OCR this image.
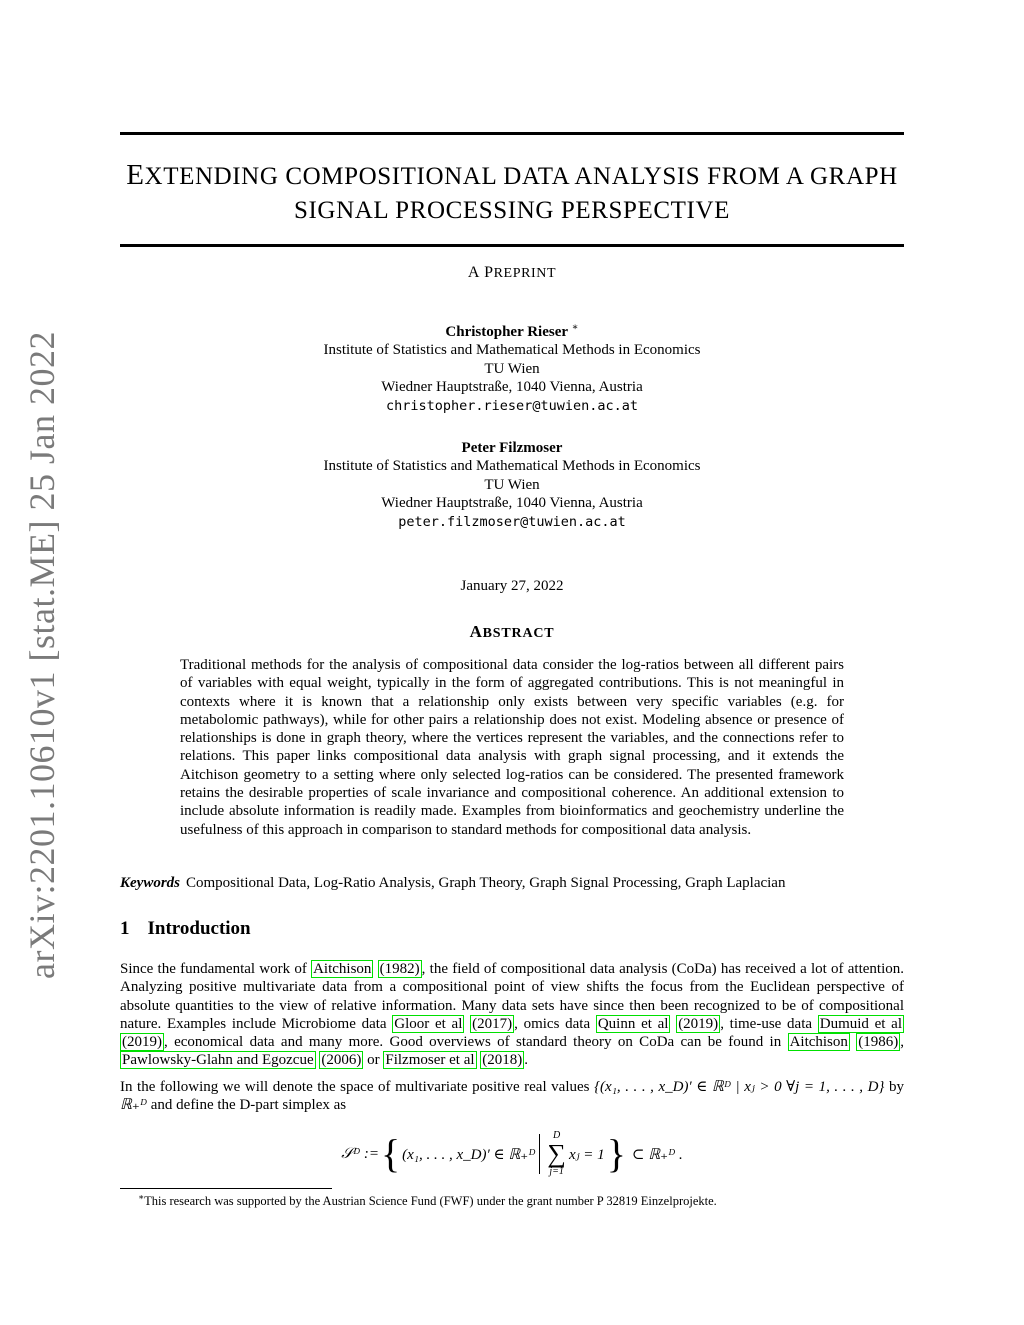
arXiv:2201.10610v1 [stat.ME] 25 Jan 2022
EXTENDING COMPOSITIONAL DATA ANALYSIS FROM A GRAPH
SIGNAL PROCESSING PERSPECTIVE
A PREPRINT
Christopher Rieser ∗
Institute of Statistics and Mathematical Methods in Economics
TU Wien
Wiedner Hauptstraße, 1040 Vienna, Austria
christopher.rieser@tuwien.ac.at
Peter Filzmoser
Institute of Statistics and Mathematical Methods in Economics
TU Wien
Wiedner Hauptstraße, 1040 Vienna, Austria
peter.filzmoser@tuwien.ac.at
January 27, 2022
ABSTRACT
Traditional methods for the analysis of compositional data consider the log-ratios between all different pairs of variables with equal weight, typically in the form of aggregated contributions. This is not meaningful in contexts where it is known that a relationship only exists between very specific variables (e.g. for metabolomic pathways), while for other pairs a relationship does not exist. Modeling absence or presence of relationships is done in graph theory, where the vertices represent the variables, and the connections refer to relations. This paper links compositional data analysis with graph signal processing, and it extends the Aitchison geometry to a setting where only selected log-ratios can be considered. The presented framework retains the desirable properties of scale invariance and compositional coherence. An additional extension to include absolute information is readily made. Examples from bioinformatics and geochemistry underline the usefulness of this approach in comparison to standard methods for compositional data analysis.
Keywords Compositional Data, Log-Ratio Analysis, Graph Theory, Graph Signal Processing, Graph Laplacian
1 Introduction
Since the fundamental work of Aitchison (1982) , the field of compositional data analysis (CoDa) has received a lot of attention. Analyzing positive multivariate data from a compositional point of view shifts the focus from the Euclidean perspective of absolute quantities to the view of relative information. Many data sets have since then been recognized to be of compositional nature. Examples include Microbiome data Gloor et al (2017) , omics data Quinn et al (2019) , time-use data Dumuid et al (2019) , economical data and many more. Good overviews of standard theory on CoDa can be found in Aitchison (1986) , Pawlowsky-Glahn and Egozcue (2006) or Filzmoser et al (2018) .
In the following we will denote the space of multivariate positive real values {(x₁, . . . , x_D)′ ∈ ℝᴰ | xⱼ > 0 ∀j = 1, . . . , D} by ℝ₊ᴰ and define the D-part simplex as
𝒮ᴰ := { (x₁, . . . , x_D)′ ∈ ℝ₊ᴰ
D
∑
j=1
xⱼ = 1 } ⊂ ℝ₊ᴰ .
∗This research was supported by the Austrian Science Fund (FWF) under the grant number P 32819 Einzelprojekte.
